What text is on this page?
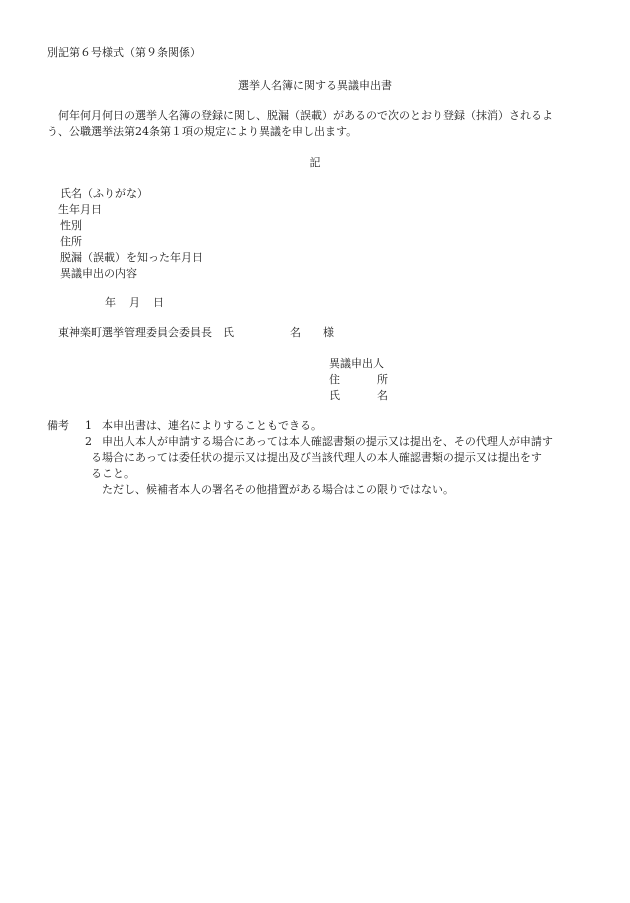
別記第６号様式（第９条関係）
選挙人名簿に関する異議申出書
何年何月何日の選挙人名簿の登録に関し、脱漏（誤載）があるので次のとおり登録（抹消）されるよ
う、公職選挙法第24条第１項の規定により異議を申し出ます。
記
氏名（ふりがな）
生年月日
性別
住所
脱漏（誤載）を知った年月日
異議申出の内容
年 月 日
東神楽町選挙管理委員会委員長　氏	名 様
異議申出人
住	所
氏	名
備考 1 本申出書は、連名によりすることもできる。
2 申出人本人が申請する場合にあっては本人確認書類の提示又は提出を、その代理人が申請す
る場合にあっては委任状の提示又は提出及び当該代理人の本人確認書類の提示又は提出をす
ること。
　ただし、候補者本人の署名その他措置がある場合はこの限りではない。
